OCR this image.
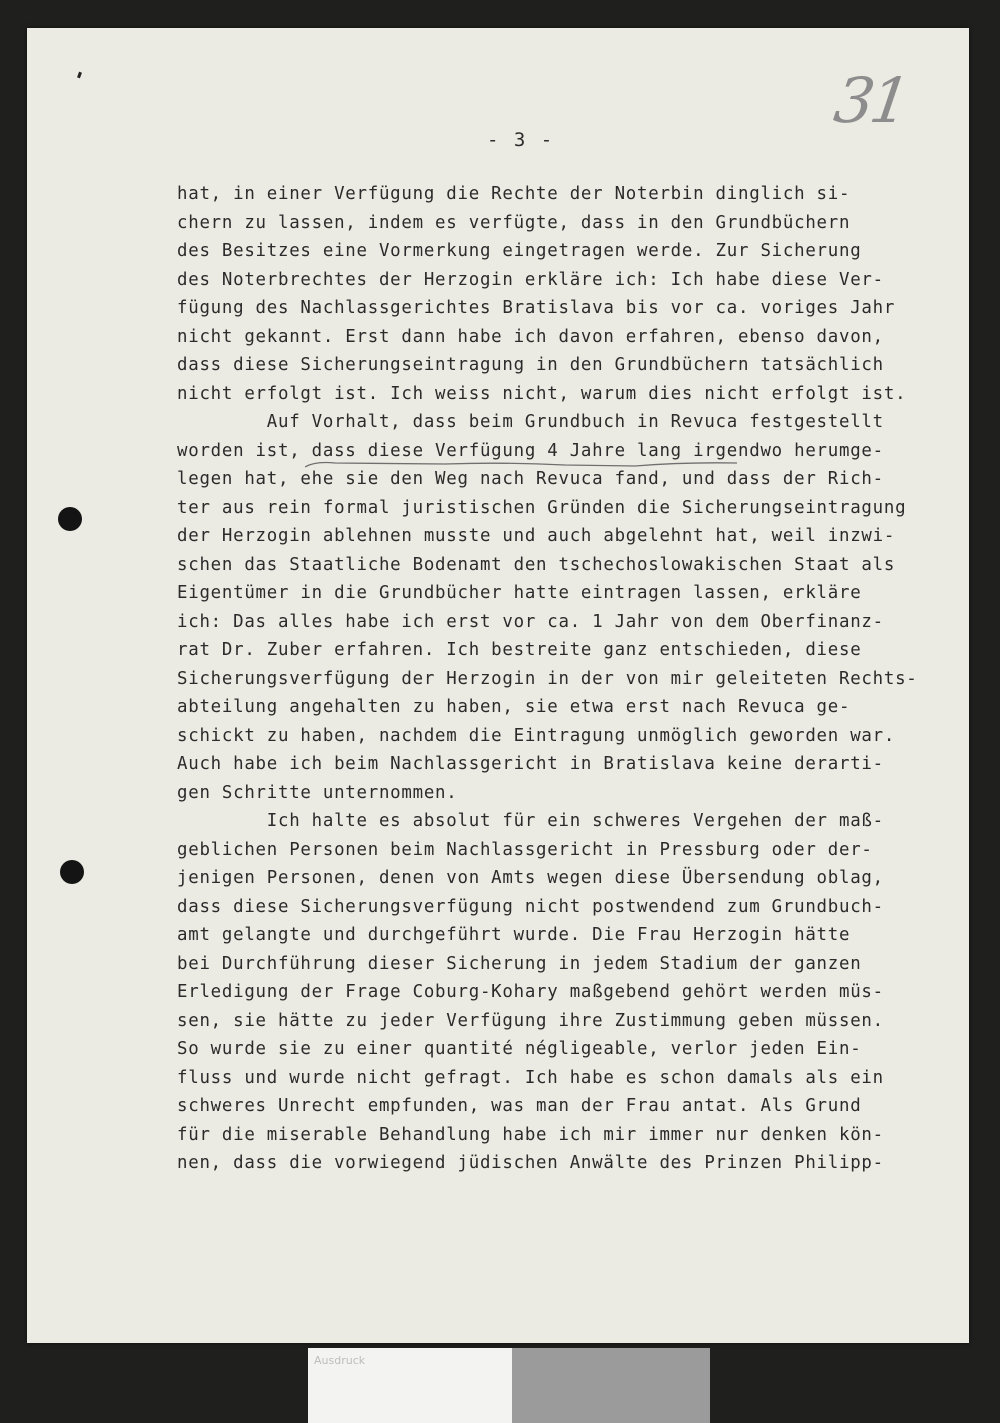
31
- 3 -
hat, in einer Verfügung die Rechte der Noterbin dinglich si-
chern zu lassen, indem es verfügte, dass in den Grundbüchern
des Besitzes eine Vormerkung eingetragen werde. Zur Sicherung
des Noterbrechtes der Herzogin erkläre ich: Ich habe diese Ver-
fügung des Nachlassgerichtes Bratislava bis vor ca. voriges Jahr
nicht gekannt. Erst dann habe ich davon erfahren, ebenso davon,
dass diese Sicherungseintragung in den Grundbüchern tatsächlich
nicht erfolgt ist. Ich weiss nicht, warum dies nicht erfolgt ist.
Auf Vorhalt, dass beim Grundbuch in Revuca festgestellt
worden ist, dass diese Verfügung 4 Jahre lang irgendwo herumge-
legen hat, ehe sie den Weg nach Revuca fand, und dass der Rich-
ter aus rein formal juristischen Gründen die Sicherungseintragung
der Herzogin ablehnen musste und auch abgelehnt hat, weil inzwi-
schen das Staatliche Bodenamt den tschechoslowakischen Staat als
Eigentümer in die Grundbücher hatte eintragen lassen, erkläre
ich: Das alles habe ich erst vor ca. 1 Jahr von dem Oberfinanz-
rat Dr. Zuber erfahren. Ich bestreite ganz entschieden, diese
Sicherungsverfügung der Herzogin in der von mir geleiteten Rechts-
abteilung angehalten zu haben, sie etwa erst nach Revuca ge-
schickt zu haben, nachdem die Eintragung unmöglich geworden war.
Auch habe ich beim Nachlassgericht in Bratislava keine derarti-
gen Schritte unternommen.
Ich halte es absolut für ein schweres Vergehen der maß-
geblichen Personen beim Nachlassgericht in Pressburg oder der-
jenigen Personen, denen von Amts wegen diese Übersendung oblag,
dass diese Sicherungsverfügung nicht postwendend zum Grundbuch-
amt gelangte und durchgeführt wurde. Die Frau Herzogin hätte
bei Durchführung dieser Sicherung in jedem Stadium der ganzen
Erledigung der Frage Coburg-Kohary maßgebend gehört werden müs-
sen, sie hätte zu jeder Verfügung ihre Zustimmung geben müssen.
So wurde sie zu einer quantité négligeable, verlor jeden Ein-
fluss und wurde nicht gefragt. Ich habe es schon damals als ein
schweres Unrecht empfunden, was man der Frau antat. Als Grund
für die miserable Behandlung habe ich mir immer nur denken kön-
nen, dass die vorwiegend jüdischen Anwälte des Prinzen Philipp-
Ausdruck
